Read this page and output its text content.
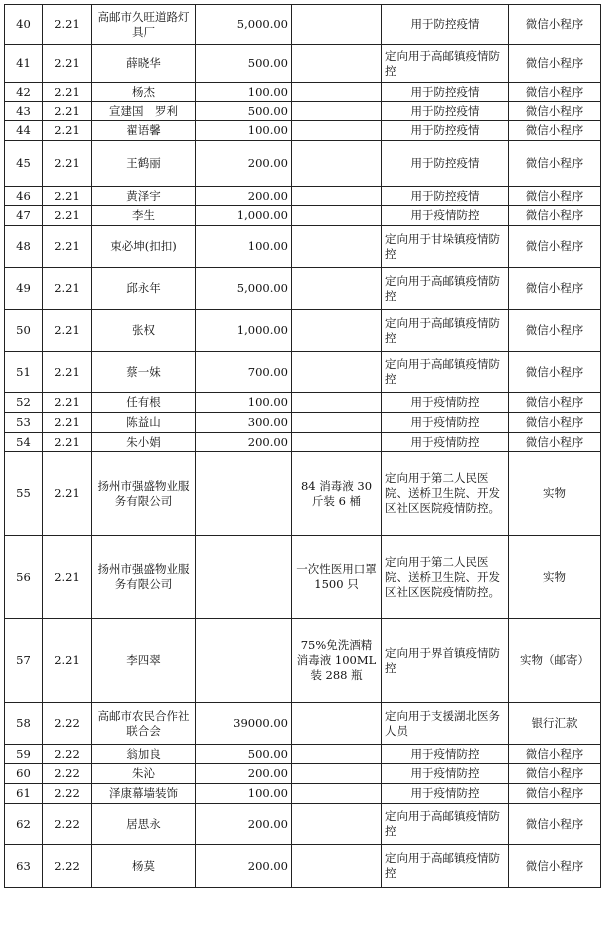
40	2.21	高邮市久旺道路灯具厂	5,000.00		用于防控疫情	微信小程序
41	2.21	薛晓华	500.00		定向用于高邮镇疫情防控	微信小程序
42	2.21	杨杰	100.00		用于防控疫情	微信小程序
43	2.21	宣建国　罗利	500.00		用于防控疫情	微信小程序
44	2.21	翟语馨	100.00		用于防控疫情	微信小程序
45	2.21	王鹤丽	200.00		用于防控疫情	微信小程序
46	2.21	黄泽宇	200.00		用于防控疫情	微信小程序
47	2.21	李生	1,000.00		用于疫情防控	微信小程序
48	2.21	束必坤(扣扣)	100.00		定向用于甘垛镇疫情防控	微信小程序
49	2.21	邱永年	5,000.00		定向用于高邮镇疫情防控	微信小程序
50	2.21	张权	1,000.00		定向用于高邮镇疫情防控	微信小程序
51	2.21	蔡一妹	700.00		定向用于高邮镇疫情防控	微信小程序
52	2.21	任有根	100.00		用于疫情防控	微信小程序
53	2.21	陈益山	300.00		用于疫情防控	微信小程序
54	2.21	朱小娟	200.00		用于疫情防控	微信小程序
55	2.21	扬州市强盛物业服务有限公司		84 消毒液 30 斤装 6 桶	定向用于第二人民医院、送桥卫生院、开发区社区医院疫情防控。	实物
56	2.21	扬州市强盛物业服务有限公司		一次性医用口罩　1500 只	定向用于第二人民医院、送桥卫生院、开发区社区医院疫情防控。	实物
57	2.21	李四翠		75%免洗酒精消毒液 100ML 装 288 瓶	定向用于界首镇疫情防控	实物（邮寄）
58	2.22	高邮市农民合作社联合会	39000.00		定向用于支援湖北医务人员	银行汇款
59	2.22	翁加良	500.00		用于疫情防控	微信小程序
60	2.22	朱沁	200.00		用于疫情防控	微信小程序
61	2.22	泽康幕墙装饰	100.00		用于疫情防控	微信小程序
62	2.22	居思永	200.00		定向用于高邮镇疫情防控	微信小程序
63	2.22	杨莫	200.00		定向用于高邮镇疫情防控	微信小程序
